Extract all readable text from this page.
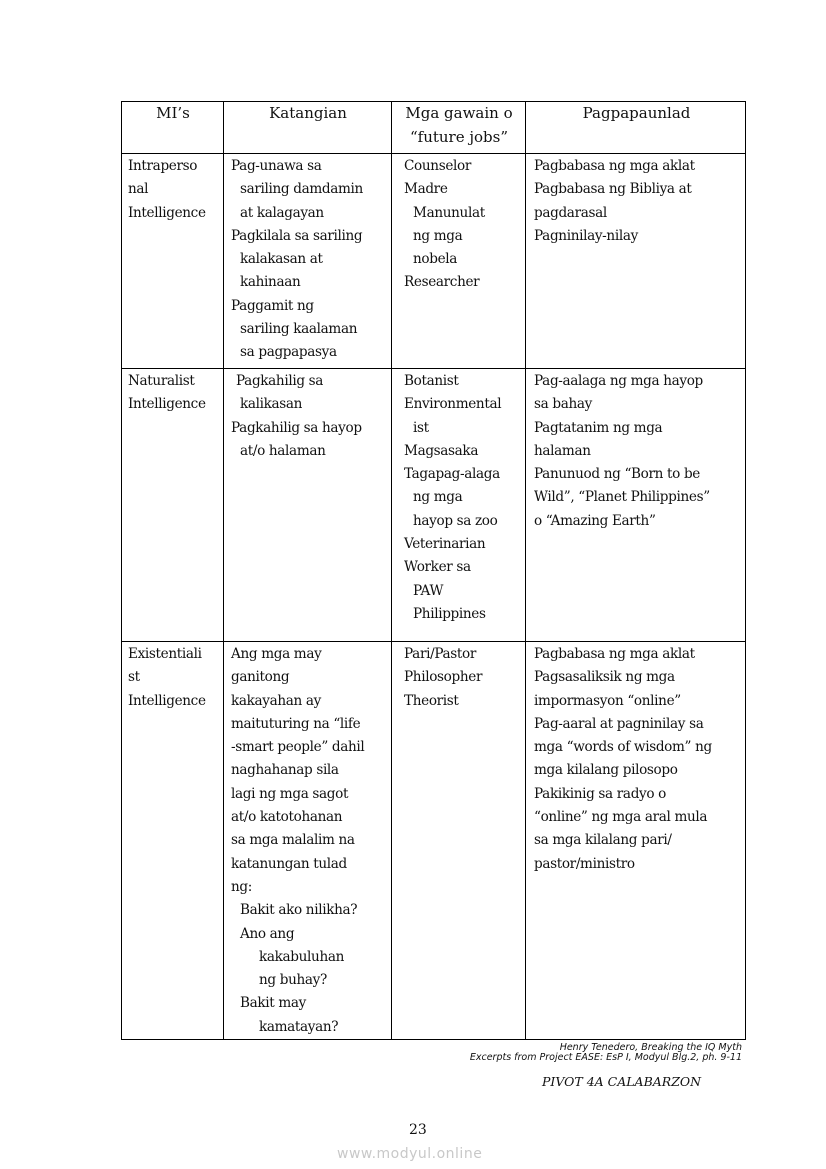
MI’s	Katangian	Mga gawain o
“future jobs”
Pagpapaunlad
Intraperso
nal
Intelligence
Pag-unawa sa
sariling damdamin
at kalagayan
Pagkilala sa sariling
kalakasan at
kahinaan
Paggamit ng
sariling kaalaman
sa pagpapasya
Counselor
Madre
Manunulat
ng mga
nobela
Researcher
Pagbabasa ng mga aklat
Pagbabasa ng Bibliya at
pagdarasal
Pagninilay-nilay
Naturalist
Intelligence
Pagkahilig sa
kalikasan
Pagkahilig sa hayop
at/o halaman
Botanist
Environmental
ist
Magsasaka
Tagapag-alaga
ng mga
hayop sa zoo
Veterinarian
Worker sa
PAW
Philippines
Pag-aalaga ng mga hayop
sa bahay
Pagtatanim ng mga
halaman
Panunuod ng “Born to be
Wild”, “Planet Philippines”
o “Amazing Earth”
Existentiali
st
Intelligence
Ang mga may
ganitong
kakayahan ay
maituturing na “life
-smart people” dahil
naghahanap sila
lagi ng mga sagot
at/o katotohanan
sa mga malalim na
katanungan tulad
ng:
Bakit ako nilikha?
Ano ang
kakabuluhan
ng buhay?
Bakit may
kamatayan?
Pari/Pastor
Philosopher
Theorist
Pagbabasa ng mga aklat
Pagsasaliksik ng mga
impormasyon “online”
Pag-aaral at pagninilay sa
mga “words of wisdom” ng
mga kilalang pilosopo
Pakikinig sa radyo o
“online” ng mga aral mula
sa mga kilalang pari/
pastor/ministro
Henry Tenedero, Breaking the IQ Myth
Excerpts from Project EASE: EsP I, Modyul Blg.2, ph. 9-11
PIVOT 4A CALABARZON
23
www.modyul.online
